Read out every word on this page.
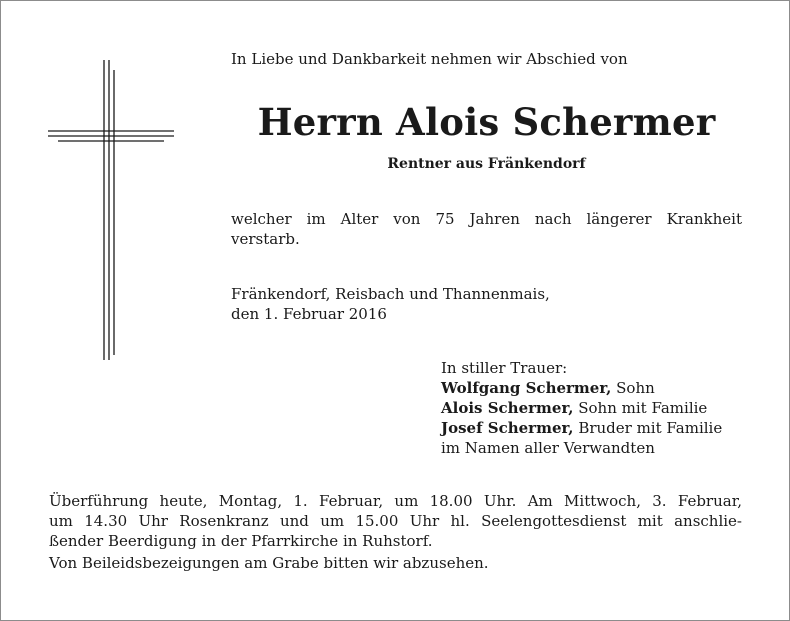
In Liebe und Dankbarkeit nehmen wir Abschied von
Herrn Alois Schermer
Rentner aus Fränkendorf
welcher im Alter von 75 Jahren nach längerer Krankheit
verstarb.
Fränkendorf, Reisbach und Thannenmais,
den 1. Februar 2016
In stiller Trauer:
Wolfgang Schermer, Sohn
Alois Schermer, Sohn mit Familie
Josef Schermer, Bruder mit Familie
im Namen aller Verwandten
Überführung heute, Montag, 1. Februar, um 18.00 Uhr. Am Mittwoch, 3. Februar,
um 14.30 Uhr Rosenkranz und um 15.00 Uhr hl. Seelengottesdienst mit anschlie-
ßender Beerdigung in der Pfarrkirche in Ruhstorf.
Von Beileidsbezeigungen am Grabe bitten wir abzusehen.
